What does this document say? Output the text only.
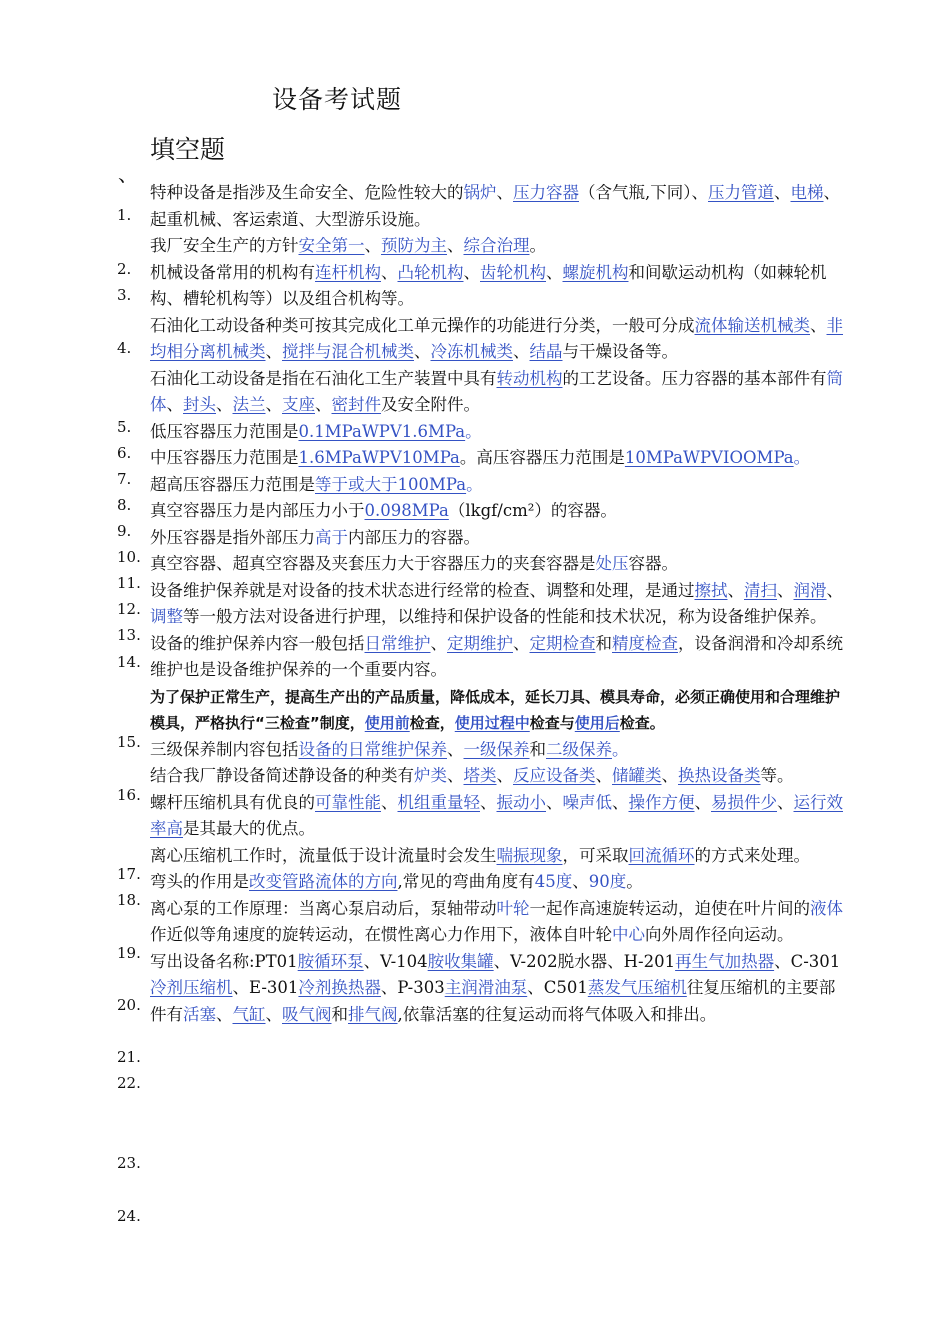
设备考试题
填空题
、
1.
2.
3.
4.
5.
6.
7.
8.
9.
10.
11.
12.
13.
14.
15.
16.
17.
18.
19.
20.
21.
22.
23.
24.

特种设备是指涉及生命安全、危险性较大的锅炉、压力容器（含气瓶,下同）、压力管道、电梯、起重机械、客运索道、大型游乐设施。

我厂安全生产的方针安全第一、预防为主、综合治理。

机械设备常用的机构有连杆机构、凸轮机构、齿轮机构、螺旋机构和间歇运动机构（如棘轮机构、槽轮机构等）以及组合机构等。

石油化工动设备种类可按其完成化工单元操作的功能进行分类，一般可分成流体输送机械类、非均相分离机械类、搅拌与混合机械类、冷冻机械类、结晶与干燥设备等。

石油化工动设备是指在石油化工生产装置中具有转动机构的工艺设备。压力容器的基本部件有筒体、封头、法兰、支座、密封件及安全附件。

低压容器压力范围是0.1MPaWPV1.6MPa。

中压容器压力范围是1.6MPaWPV10MPa。高压容器压力范围是10MPaWPVIOOMPa。

超高压容器压力范围是等于或大于100MPa。

真空容器压力是内部压力小于0.098MPa（lkgf/cm²）的容器。

外压容器是指外部压力高于内部压力的容器。

真空容器、超真空容器及夹套压力大于容器压力的夹套容器是处压容器。

设备维护保养就是对设备的技术状态进行经常的检查、调整和处理，是通过擦拭、清扫、润滑、调整等一般方法对设备进行护理，以维持和保护设备的性能和技术状况，称为设备维护保养。

设备的维护保养内容一般包括日常维护、定期维护、定期检查和精度检查，设备润滑和冷却系统维护也是设备维护保养的一个重要内容。

为了保护正常生产，提高生产出的产品质量，降低成本，延长刀具、模具寿命，必须正确使用和合理维护模具，严格执行“三检查”制度，使用前检查，使用过程中检查与使用后检查。

三级保养制内容包括设备的日常维护保养、一级保养和二级保养。

结合我厂静设备简述静设备的种类有炉类、塔类、反应设备类、储罐类、换热设备类等。

螺杆压缩机具有优良的可靠性能、机组重量轻、振动小、噪声低、操作方便、易损件少、运行效率高是其最大的优点。

离心压缩机工作时，流量低于设计流量时会发生喘振现象，可采取回流循环的方式来处理。

弯头的作用是改变管路流体的方向,常见的弯曲角度有45度、90度。

离心泵的工作原理：当离心泵启动后，泵轴带动叶轮一起作高速旋转运动，迫使在叶片间的液体作近似等角速度的旋转运动，在惯性离心力作用下，液体自叶轮中心向外周作径向运动。

写出设备名称:PT01胺循环泵、V-104胺收集罐、V-202脱水器、H-201再生气加热器、C-301冷剂压缩机、E-301冷剂换热器、P-303主润滑油泵、C501蒸发气压缩机往复压缩机的主要部件有活塞、气缸、吸气阀和排气阀,依靠活塞的往复运动而将气体吸入和排出。
